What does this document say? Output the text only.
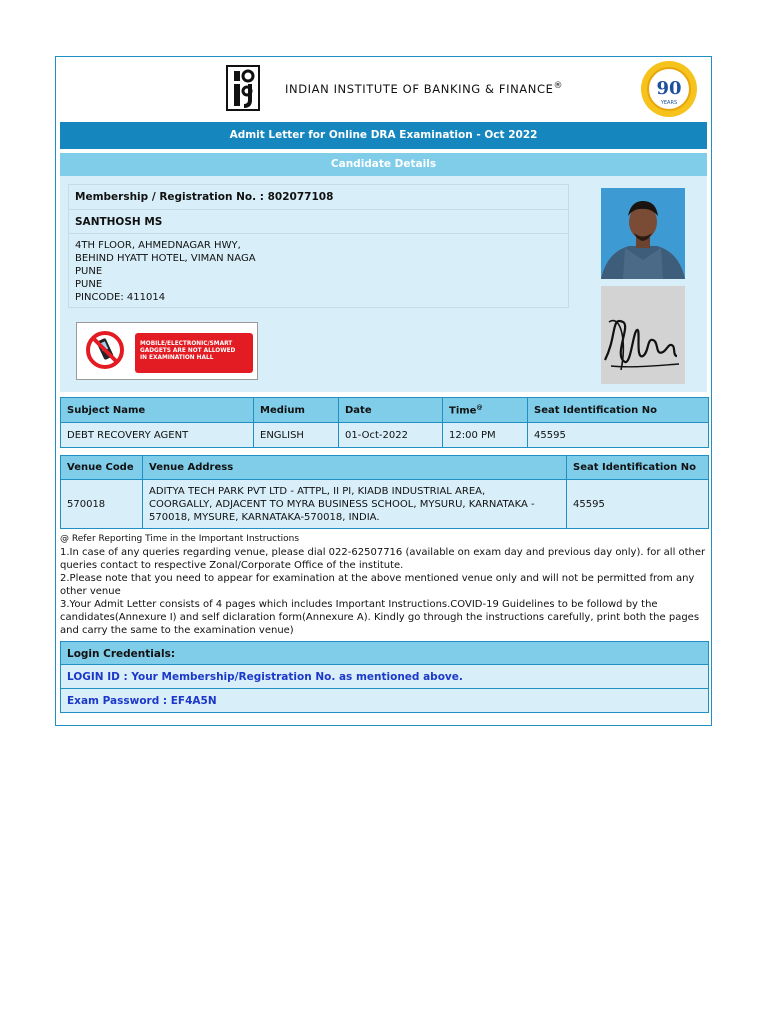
INDIAN INSTITUTE OF BANKING & FINANCE®	90
YEARS
Admit Letter for Online DRA Examination - Oct 2022
Candidate Details
Membership / Registration No. : 802077108
SANTHOSH MS
4TH FLOOR, AHMEDNAGAR HWY,
BEHIND HYATT HOTEL, VIMAN NAGA
PUNE
PUNE
PINCODE: 411014
MOBILE/ELECTRONIC/SMART
GADGETS ARE NOT ALLOWED
IN EXAMINATION HALL
Subject Name	Medium	Date	Time@	Seat Identification No
DEBT RECOVERY AGENT	ENGLISH	01-Oct-2022	12:00 PM	45595
Venue Code	Venue Address	Seat Identification No
570018	ADITYA TECH PARK PVT LTD - ATTPL, II PI, KIADB INDUSTRIAL AREA,
COORGALLY, ADJACENT TO MYRA BUSINESS SCHOOL, MYSURU, KARNATAKA -
570018, MYSURE, KARNATAKA-570018, INDIA.	45595
@ Refer Reporting Time in the Important Instructions
1.In case of any queries regarding venue, please dial 022-62507716 (available on exam day and previous day only). for all other queries contact to respective Zonal/Corporate Office of the institute.
2.Please note that you need to appear for examination at the above mentioned venue only and will not be permitted from any other venue
3.Your Admit Letter consists of 4 pages which includes Important Instructions.COVID-19 Guidelines to be followd by the candidates(Annexure I) and self diclaration form(Annexure A). Kindly go through the instructions carefully, print both the pages and carry the same to the examination venue)
Login Credentials:
LOGIN ID : Your Membership/Registration No. as mentioned above.
Exam Password : EF4A5N
